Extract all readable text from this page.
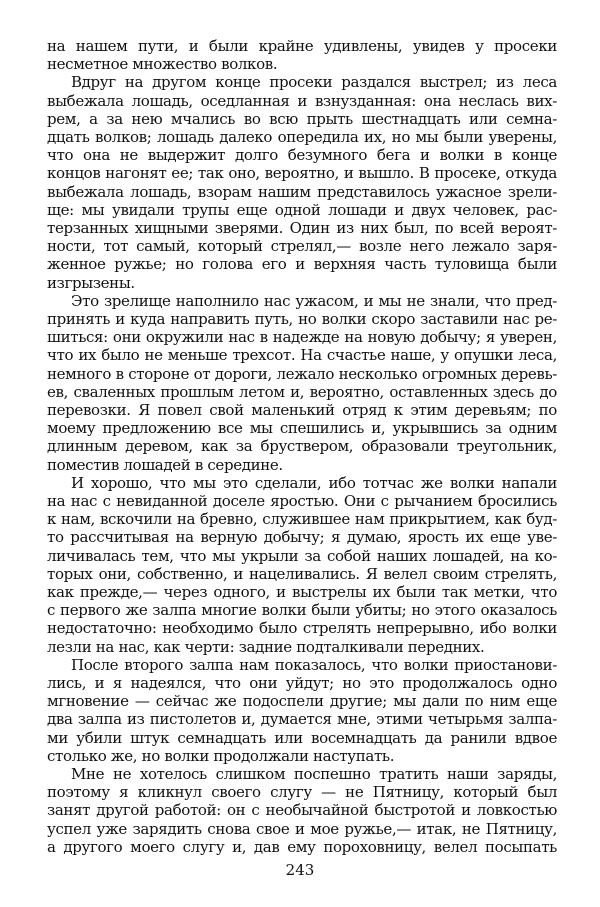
на нашем пути, и были крайне удивлены, увидев у просеки
несметное множество волков.
Вдруг на другом конце просеки раздался выстрел; из леса
выбежала лошадь, оседланная и взнузданная: она неслась вих-
рем, а за нею мчались во всю прыть шестнадцать или семна-
дцать волков; лошадь далеко опередила их, но мы были уверены,
что она не выдержит долго безумного бега и волки в конце
концов нагонят ее; так оно, вероятно, и вышло. В просеке, откуда
выбежала лошадь, взорам нашим представилось ужасное зрели-
ще: мы увидали трупы еще одной лошади и двух человек, рас-
терзанных хищными зверями. Один из них был, по всей вероят-
ности, тот самый, который стрелял,— возле него лежало заря-
женное ружье; но голова его и верхняя часть туловища были
изгрызены.
Это зрелище наполнило нас ужасом, и мы не знали, что пред-
принять и куда направить путь, но волки скоро заставили нас ре-
шиться: они окружили нас в надежде на новую добычу; я уверен,
что их было не меньше трехсот. На счастье наше, у опушки леса,
немного в стороне от дороги, лежало несколько огромных деревь-
ев, сваленных прошлым летом и, вероятно, оставленных здесь до
перевозки. Я повел свой маленький отряд к этим деревьям; по
моему предложению все мы спешились и, укрывшись за одним
длинным деревом, как за бруствером, образовали треугольник,
поместив лошадей в середине.
И хорошо, что мы это сделали, ибо тотчас же волки напали
на нас с невиданной доселе яростью. Они с рычанием бросились
к нам, вскочили на бревно, служившее нам прикрытием, как буд-
то рассчитывая на верную добычу; я думаю, ярость их еще уве-
личивалась тем, что мы укрыли за собой наших лошадей, на ко-
торых они, собственно, и нацеливались. Я велел своим стрелять,
как прежде,— через одного, и выстрелы их были так метки, что
с первого же залпа многие волки были убиты; но этого оказалось
недостаточно: необходимо было стрелять непрерывно, ибо волки
лезли на нас, как черти: задние подталкивали передних.
После второго залпа нам показалось, что волки приостанови-
лись, и я надеялся, что они уйдут; но это продолжалось одно
мгновение — сейчас же подоспели другие; мы дали по ним еще
два залпа из пистолетов и, думается мне, этими четырьмя залпа-
ми убили штук семнадцать или восемнадцать да ранили вдвое
столько же, но волки продолжали наступать.
Мне не хотелось слишком поспешно тратить наши заряды,
поэтому я кликнул своего слугу — не Пятницу, который был
занят другой работой: он с необычайной быстротой и ловкостью
успел уже зарядить снова свое и мое ружье,— итак, не Пятницу,
а другого моего слугу и, дав ему пороховницу, велел посыпать
243
